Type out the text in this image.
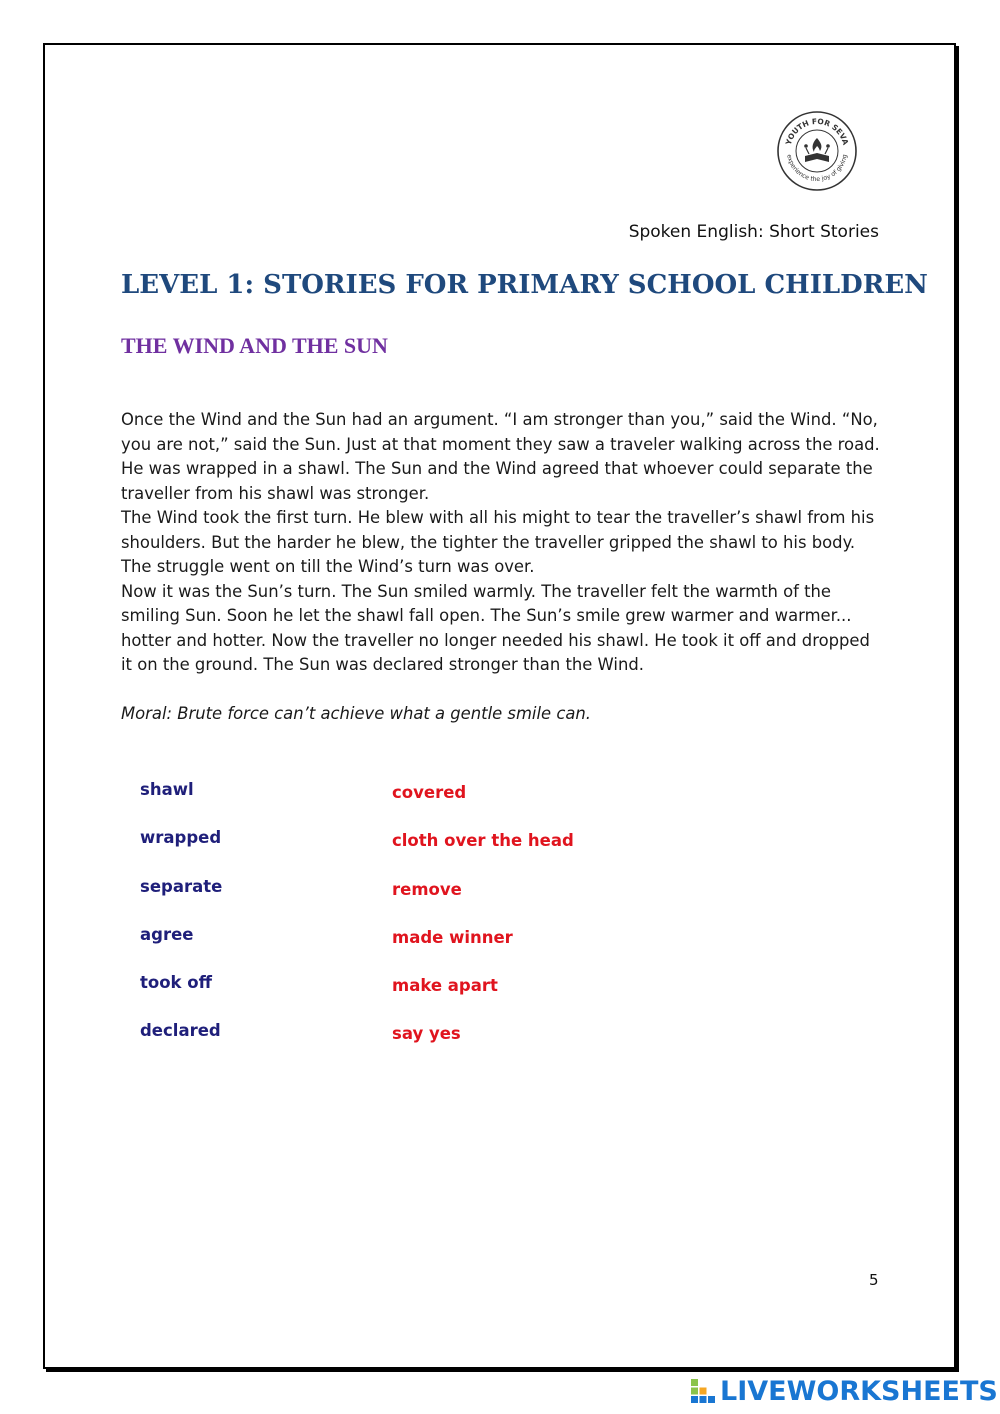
YOUTH FOR SEVA
experience the joy of giving
Spoken English: Short Stories
LEVEL 1: STORIES FOR PRIMARY SCHOOL CHILDREN
THE WIND AND THE SUN

Once the Wind and the Sun had an argument. “I am stronger than you,” said the Wind. “No, you are not,” said the Sun. Just at that moment they saw a traveler walking across the road. He was wrapped in a shawl. The Sun and the Wind agreed that whoever could separate the traveller from his shawl was stronger.

The Wind took the first turn. He blew with all his might to tear the traveller’s shawl from his shoulders. But the harder he blew, the tighter the traveller gripped the shawl to his body. The struggle went on till the Wind’s turn was over.

Now it was the Sun’s turn. The Sun smiled warmly. The traveller felt the warmth of the smiling Sun. Soon he let the shawl fall open. The Sun’s smile grew warmer and warmer... hotter and hotter. Now the traveller no longer needed his shawl. He took it off and dropped it on the ground. The Sun was declared stronger than the Wind.

Moral: Brute force can’t achieve what a gentle smile can.
shawl	covered
wrapped	cloth over the head
separate	remove
agree	made winner
took off	make apart
declared	say yes
5
LIVEWORKSHEETS
